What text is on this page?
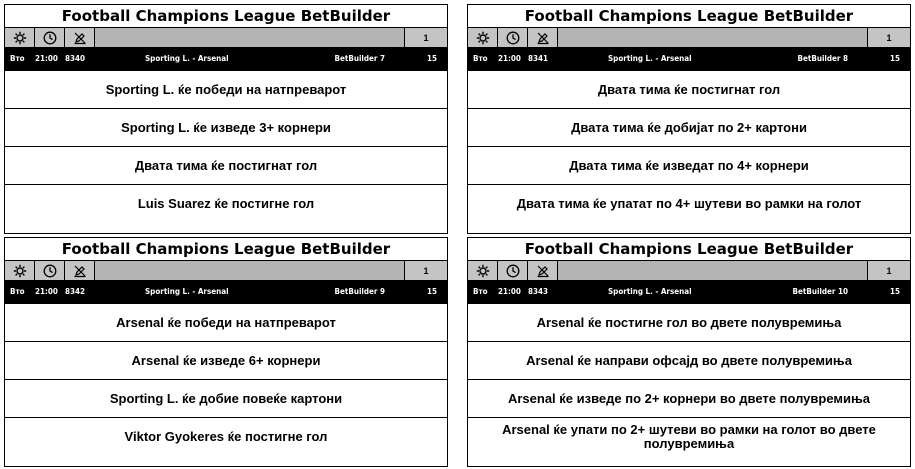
Football Champions League BetBuilder
1
Вто 21:00 8340	Sporting L. - Arsenal	BetBuilder 7	15
Sporting L. ќе победи на натпреварот
Sporting L. ќе изведе 3+ корнери
Двата тима ќе постигнат гол
Luis Suarez ќе постигне гол
Football Champions League BetBuilder
1
Вто 21:00 8341	Sporting L. - Arsenal	BetBuilder 8	15
Двата тима ќе постигнат гол
Двата тима ќе добијат по 2+ картони
Двата тима ќе изведат по 4+ корнери
Двата тима ќе упатат по 4+ шутеви во рамки на голот
Football Champions League BetBuilder
1
Вто 21:00 8342	Sporting L. - Arsenal	BetBuilder 9	15
Arsenal ќе победи на натпреварот
Arsenal ќе изведе 6+ корнери
Sporting L. ќе добие повеќе картони
Viktor Gyokeres ќе постигне гол
Football Champions League BetBuilder
1
Вто 21:00 8343	Sporting L. - Arsenal	BetBuilder 10	15
Arsenal ќе постигне гол во двете полувремиња
Arsenal ќе направи офсајд во двете полувремиња
Arsenal ќе изведе по 2+ корнери во двете полувремиња
Arsenal ќе упати по 2+ шутеви во рамки на голот во двете полувремиња
